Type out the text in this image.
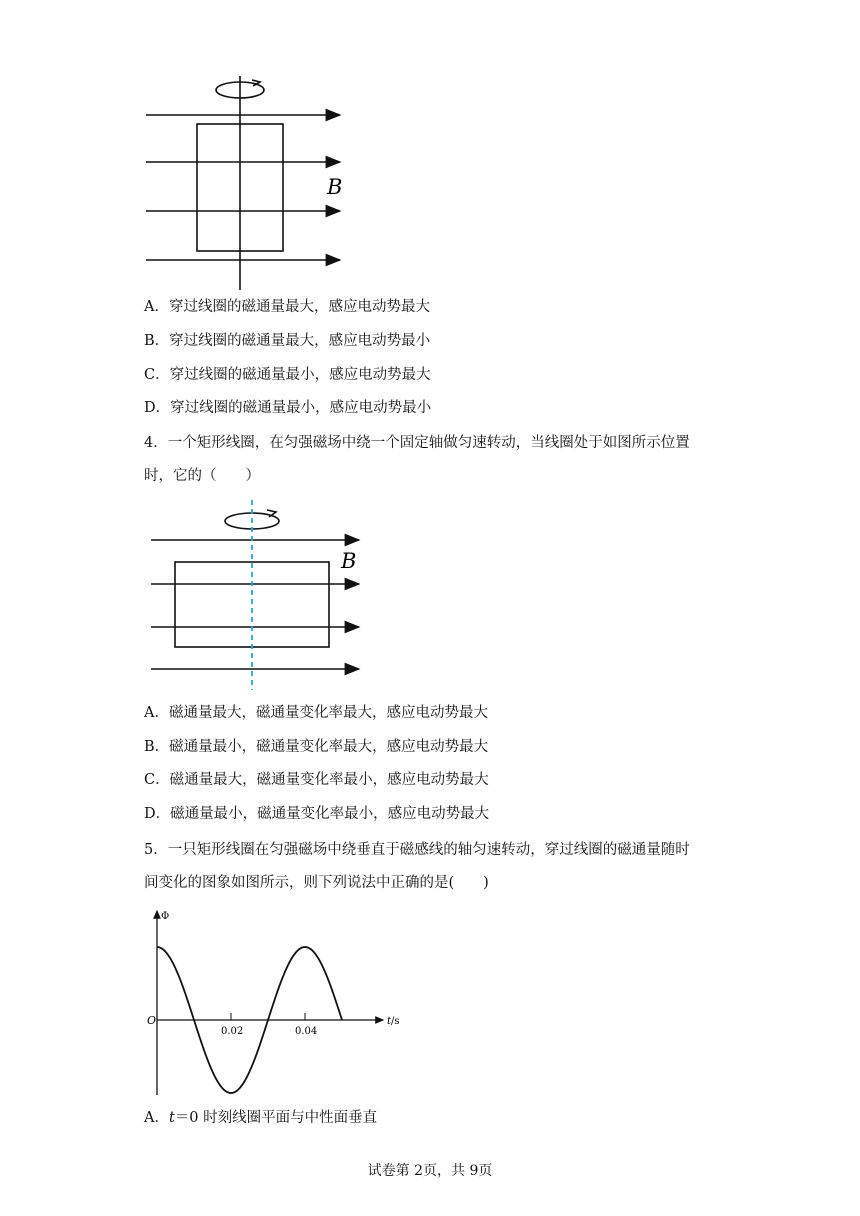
B
A．穿过线圈的磁通量最大，感应电动势最大
B．穿过线圈的磁通量最大，感应电动势最小
C．穿过线圈的磁通量最小，感应电动势最大
D．穿过线圈的磁通量最小，感应电动势最小
4．一个矩形线圈，在匀强磁场中绕一个固定轴做匀速转动，当线圈处于如图所示位置
时，它的（　　）
B
A．磁通量最大，磁通量变化率最大，感应电动势最大
B．磁通量最小，磁通量变化率最大，感应电动势最大
C．磁通量最大，磁通量变化率最小，感应电动势最大
D．磁通量最小，磁通量变化率最小，感应电动势最大
5．一只矩形线圈在匀强磁场中绕垂直于磁感线的轴匀速转动，穿过线圈的磁通量随时
间变化的图象如图所示，则下列说法中正确的是(　　)
Φ
O
0.02	0.04
t/s
A．t＝0 时刻线圈平面与中性面垂直
试卷第 2页，共 9页
